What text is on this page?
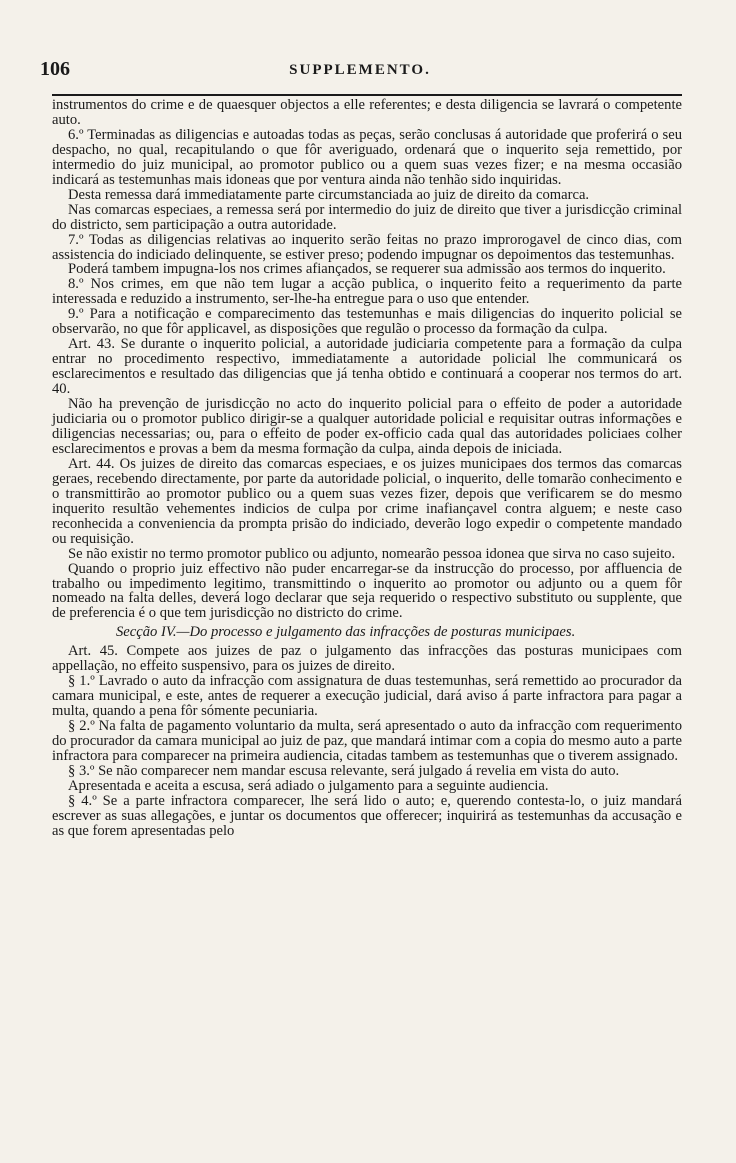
106	SUPPLEMENTO.

instrumentos do crime e de quaesquer objectos a elle referentes; e desta diligencia se lavrará o competente auto.

6.º Terminadas as diligencias e autoadas todas as peças, serão conclusas á autoridade que proferirá o seu despacho, no qual, recapitulando o que fôr averiguado, ordenará que o inquerito seja remettido, por intermedio do juiz municipal, ao promotor publico ou a quem suas vezes fizer; e na mesma occasião indicará as testemunhas mais idoneas que por ventura ainda não tenhão sido inquiridas.

Desta remessa dará immediatamente parte circumstanciada ao juiz de direito da comarca.

Nas comarcas especiaes, a remessa será por intermedio do juiz de direito que tiver a jurisdicção criminal do districto, sem participação a outra autoridade.

7.º Todas as diligencias relativas ao inquerito serão feitas no prazo improrogavel de cinco dias, com assistencia do indiciado delinquente, se estiver preso; podendo impugnar os depoimentos das testemunhas.

Poderá tambem impugna-los nos crimes afiançados, se requerer sua admissão aos termos do inquerito.

8.º Nos crimes, em que não tem lugar a acção publica, o inquerito feito a requerimento da parte interessada e reduzido a instrumento, ser-lhe-ha entregue para o uso que entender.

9.º Para a notificação e comparecimento das testemunhas e mais diligencias do inquerito policial se observarão, no que fôr applicavel, as disposições que regulão o processo da formação da culpa.

Art. 43. Se durante o inquerito policial, a autoridade judiciaria competente para a formação da culpa entrar no procedimento respectivo, immediatamente a autoridade policial lhe communicará os esclarecimentos e resultado das diligencias que já tenha obtido e continuará a cooperar nos termos do art. 40.

Não ha prevenção de jurisdicção no acto do inquerito policial para o effeito de poder a autoridade judiciaria ou o promotor publico dirigir-se a qualquer autoridade policial e requisitar outras informações e diligencias necessarias; ou, para o effeito de poder ex-officio cada qual das autoridades policiaes colher esclarecimentos e provas a bem da mesma formação da culpa, ainda depois de iniciada.

Art. 44. Os juizes de direito das comarcas especiaes, e os juizes municipaes dos termos das comarcas geraes, recebendo directamente, por parte da autoridade policial, o inquerito, delle tomarão conhecimento e o transmittirão ao promotor publico ou a quem suas vezes fizer, depois que verificarem se do mesmo inquerito resultão vehementes indicios de culpa por crime inafiançavel contra alguem; e neste caso reconhecida a conveniencia da prompta prisão do indiciado, deverão logo expedir o competente mandado ou requisição.

Se não existir no termo promotor publico ou adjunto, nomearão pessoa idonea que sirva no caso sujeito.

Quando o proprio juiz effectivo não puder encarregar-se da instrucção do processo, por affluencia de trabalho ou impedimento legitimo, transmittindo o inquerito ao promotor ou adjunto ou a quem fôr nomeado na falta delles, deverá logo declarar que seja requerido o respectivo substituto ou supplente, que de preferencia é o que tem jurisdicção no districto do crime.

Secção IV.—Do processo e julgamento das infracções de posturas municipaes.

Art. 45. Compete aos juizes de paz o julgamento das infracções das posturas municipaes com appellação, no effeito suspensivo, para os juizes de direito.

§ 1.º Lavrado o auto da infracção com assignatura de duas testemunhas, será remettido ao procurador da camara municipal, e este, antes de requerer a execução judicial, dará aviso á parte infractora para pagar a multa, quando a pena fôr sómente pecuniaria.

§ 2.º Na falta de pagamento voluntario da multa, será apresentado o auto da infracção com requerimento do procurador da camara municipal ao juiz de paz, que mandará intimar com a copia do mesmo auto a parte infractora para comparecer na primeira audiencia, citadas tambem as testemunhas que o tiverem assignado.

§ 3.º Se não comparecer nem mandar escusa relevante, será julgado á revelia em vista do auto.

Apresentada e aceita a escusa, será adiado o julgamento para a seguinte audiencia.

§ 4.º Se a parte infractora comparecer, lhe será lido o auto; e, querendo contesta-lo, o juiz mandará escrever as suas allegações, e juntar os documentos que offerecer; inquirirá as testemunhas da accusação e as que forem apresentadas pelo
